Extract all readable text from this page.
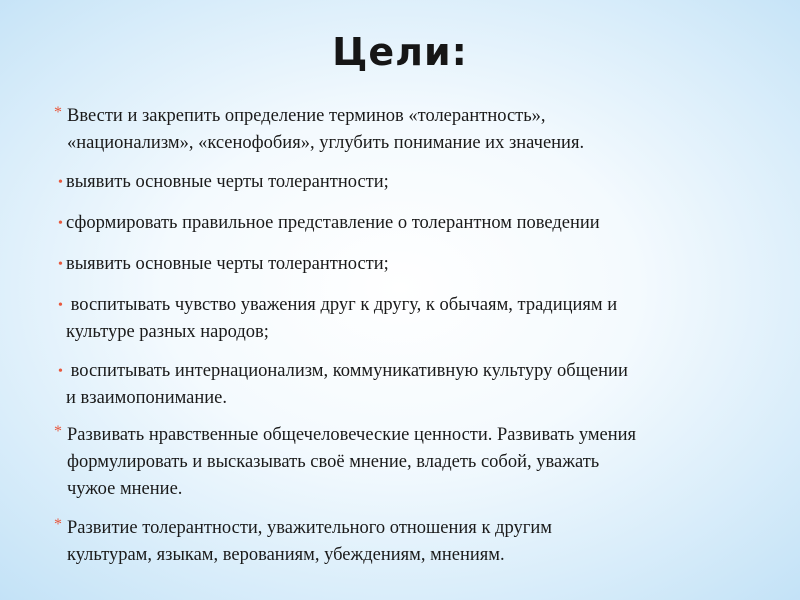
Цели:
* Ввести и закрепить определение терминов «толерантность»,
«национализм», «ксенофобия», углубить понимание их значения.
• выявить основные черты толерантности;
• сформировать правильное представление о толерантном поведении
• выявить основные черты толерантности;
• воспитывать чувство уважения друг к другу, к обычаям, традициям и
культуре разных народов;
• воспитывать интернационализм, коммуникативную культуру общении
и взаимопонимание.
* Развивать нравственные общечеловеческие ценности. Развивать умения
формулировать и высказывать своё мнение, владеть собой, уважать
чужое мнение.
* Развитие толерантности, уважительного отношения к другим
культурам, языкам, верованиям, убеждениям, мнениям.
